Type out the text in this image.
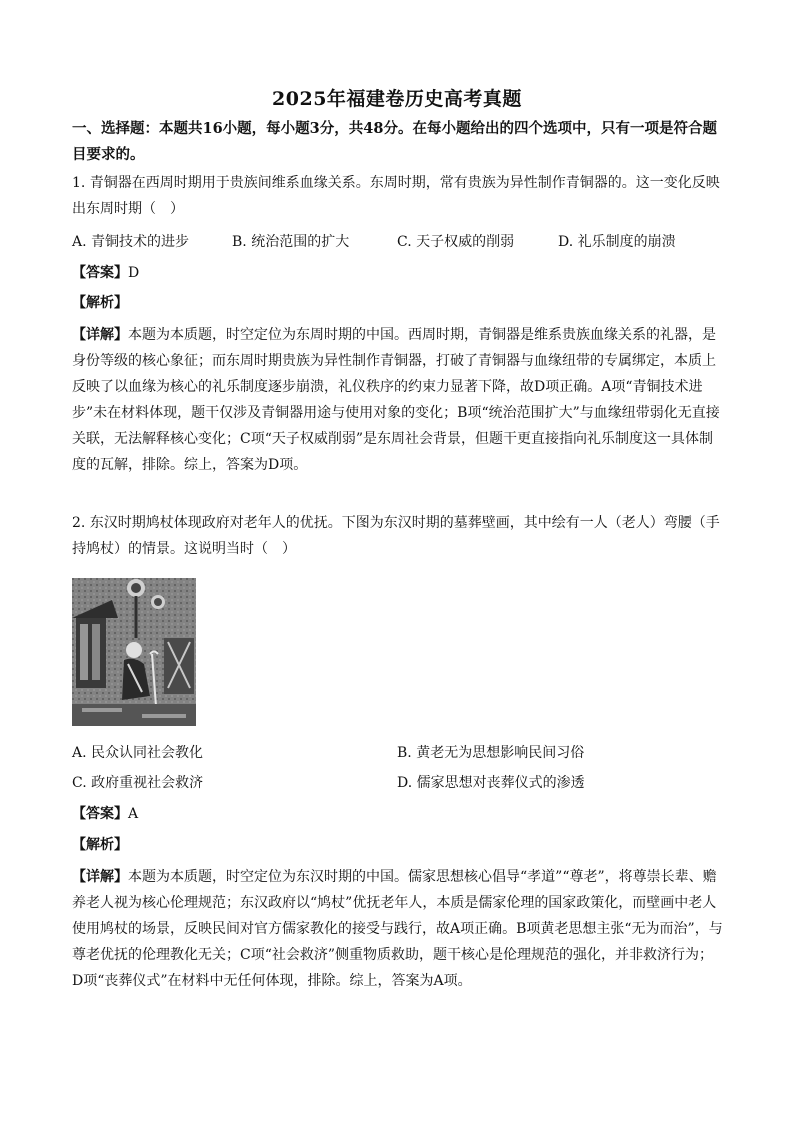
2025年福建卷历史高考真题
一、选择题：本题共16小题，每小题3分，共48分。在每小题给出的四个选项中，只有一项是符合题目要求的。
1. 青铜器在西周时期用于贵族间维系血缘关系。东周时期，常有贵族为异性制作青铜器的。这一变化反映出东周时期（　）
A. 青铜技术的进步	B. 统治范围的扩大	C. 天子权威的削弱	D. 礼乐制度的崩溃
【答案】D
【解析】
【详解】本题为本质题，时空定位为东周时期的中国。西周时期，青铜器是维系贵族血缘关系的礼器，是身份等级的核心象征；而东周时期贵族为异性制作青铜器，打破了青铜器与血缘纽带的专属绑定，本质上反映了以血缘为核心的礼乐制度逐步崩溃，礼仪秩序的约束力显著下降，故D项正确。A项“青铜技术进步”未在材料体现，题干仅涉及青铜器用途与使用对象的变化；B项“统治范围扩大”与血缘纽带弱化无直接关联，无法解释核心变化；C项“天子权威削弱”是东周社会背景，但题干更直接指向礼乐制度这一具体制度的瓦解，排除。综上，答案为D项。
2. 东汉时期鸠杖体现政府对老年人的优抚。下图为东汉时期的墓葬壁画，其中绘有一人（老人）弯腰（手持鸠杖）的情景。这说明当时（　）
A. 民众认同社会教化	B. 黄老无为思想影响民间习俗
C. 政府重视社会救济	D. 儒家思想对丧葬仪式的渗透
【答案】A
【解析】
【详解】本题为本质题，时空定位为东汉时期的中国。儒家思想核心倡导“孝道”“尊老”，将尊崇长辈、赡养老人视为核心伦理规范；东汉政府以“鸠杖”优抚老年人，本质是儒家伦理的国家政策化，而壁画中老人使用鸠杖的场景，反映民间对官方儒家教化的接受与践行，故A项正确。B项黄老思想主张“无为而治”，与尊老优抚的伦理教化无关；C项“社会救济”侧重物质救助，题干核心是伦理规范的强化，并非救济行为；D项“丧葬仪式”在材料中无任何体现，排除。综上，答案为A项。
